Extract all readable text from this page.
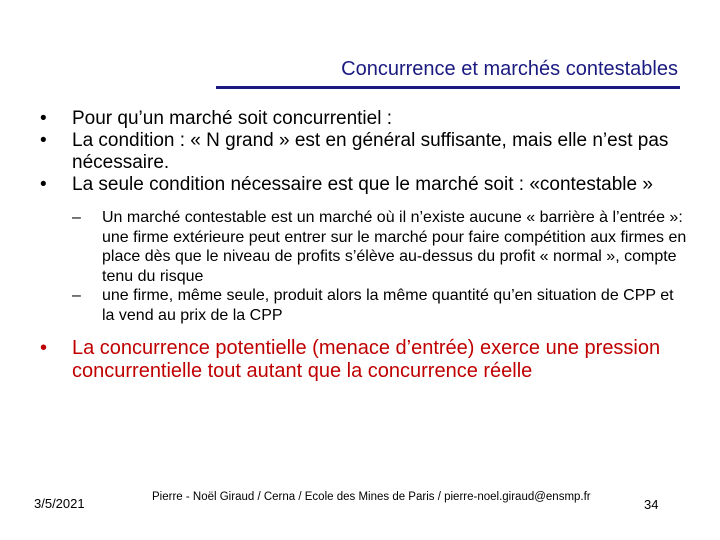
Concurrence et marchés contestables
• Pour qu’un marché soit concurrentiel :
• La condition : « N grand » est en général suffisante, mais elle n’est pas nécessaire.
• La seule condition nécessaire est que le marché soit : «contestable »
– Un marché contestable est un marché où il n’existe aucune « barrière à l’entrée »: une firme extérieure peut entrer sur le marché pour faire compétition aux firmes en place dès que le niveau de profits s’élève au-dessus du profit « normal », compte tenu du risque
– une firme, même seule, produit alors la même quantité qu’en situation de CPP et la vend au prix de la CPP
• La concurrence potentielle (menace d’entrée) exerce une pression concurrentielle tout autant que la concurrence réelle
3/5/2021	Pierre - Noël Giraud / Cerna / Ecole des Mines de Paris / pierre-noel.giraud@ensmp.fr	34
